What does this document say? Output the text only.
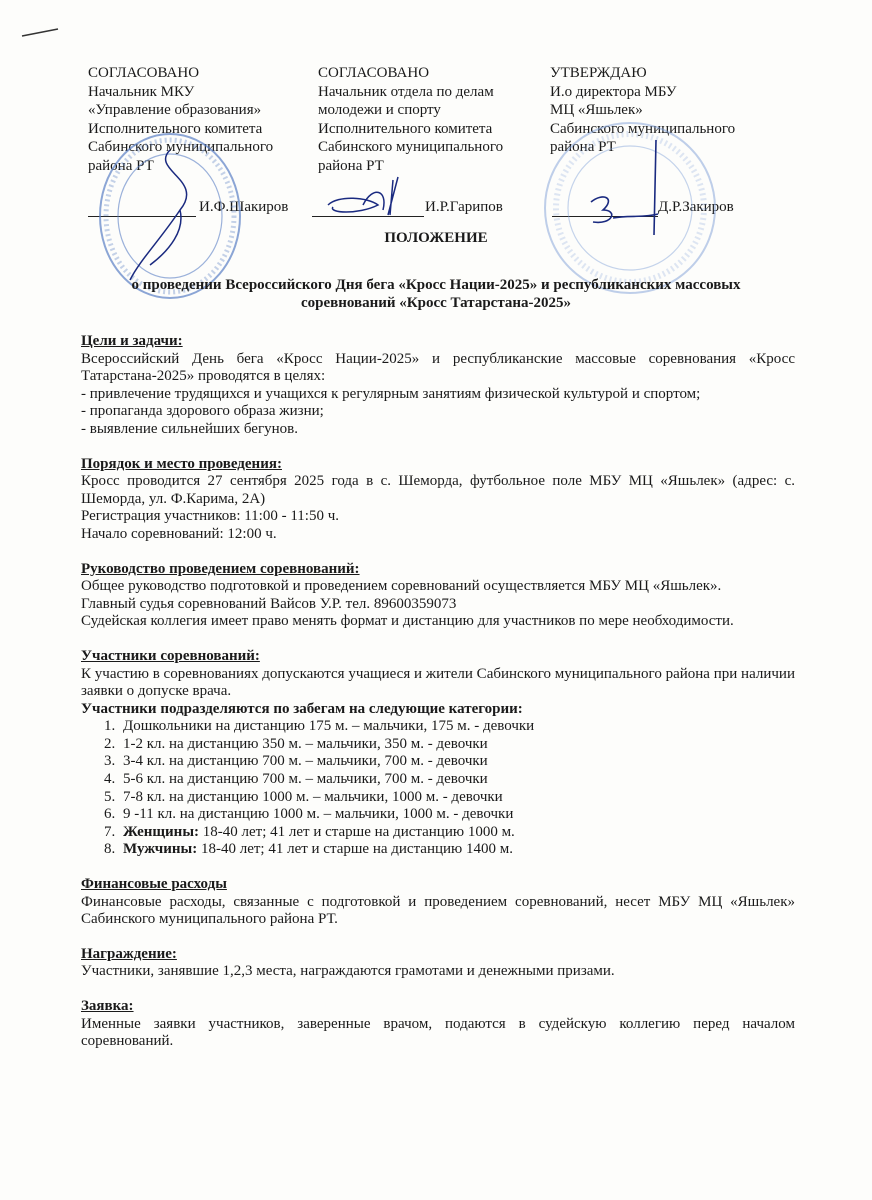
СОГЛАСОВАНО
Начальник МКУ
«Управление образования»
Исполнительного комитета
Сабинского муниципального
района РТ
СОГЛАСОВАНО
Начальник отдела по делам
молодежи и спорту
Исполнительного комитета
Сабинского муниципального
района РТ
УТВЕРЖДАЮ
И.о директора МБУ
МЦ «Яшьлек»
Сабинского муниципального
района РТ
И.Ф.Шакиров	И.Р.Гарипов	Д.Р.Закиров
ПОЛОЖЕНИЕ
о проведении Всероссийского Дня бега «Кросс Нации-2025» и республиканских массовых
соревнований «Кросс Татарстана-2025»
Цели и задачи:
Всероссийский День бега «Кросс Нации-2025» и республиканские массовые соревнования «Кросс Татарстана-2025» проводятся в целях:
- привлечение трудящихся и учащихся к регулярным занятиям физической культурой и спортом;
- пропаганда здорового образа жизни;
- выявление сильнейших бегунов.
Порядок и место проведения:
Кросс проводится 27 сентября 2025 года в с. Шеморда, футбольное поле МБУ МЦ «Яшьлек» (адрес: с. Шеморда, ул. Ф.Карима, 2А)
Регистрация участников: 11:00 - 11:50 ч.
Начало соревнований: 12:00 ч.
Руководство проведением соревнований:
Общее руководство подготовкой и проведением соревнований осуществляется МБУ МЦ «Яшьлек».
Главный судья соревнований Вайсов У.Р. тел. 89600359073
Судейская коллегия имеет право менять формат и дистанцию для участников по мере необходимости.
Участники соревнований:
К участию в соревнованиях допускаются учащиеся и жители Сабинского муниципального района при наличии заявки о допуске врача.
Участники подразделяются по забегам на следующие категории:
1. Дошкольники на дистанцию 175 м. – мальчики, 175 м. - девочки
2. 1-2 кл. на дистанцию 350 м. – мальчики, 350 м. - девочки
3. 3-4 кл. на дистанцию 700 м. – мальчики, 700 м. - девочки
4. 5-6 кл. на дистанцию 700 м. – мальчики, 700 м. - девочки
5. 7-8 кл. на дистанцию 1000 м. – мальчики, 1000 м. - девочки
6. 9 -11 кл. на дистанцию 1000 м. – мальчики, 1000 м. - девочки
7. Женщины: 18-40 лет; 41 лет и старше на дистанцию 1000 м.
8. Мужчины: 18-40 лет; 41 лет и старше на дистанцию 1400 м.
Финансовые расходы
Финансовые расходы, связанные с подготовкой и проведением соревнований, несет МБУ МЦ «Яшьлек» Сабинского муниципального района РТ.
Награждение:
Участники, занявшие 1,2,3 места, награждаются грамотами и денежными призами.
Заявка:
Именные заявки участников, заверенные врачом, подаются в судейскую коллегию перед началом соревнований.
